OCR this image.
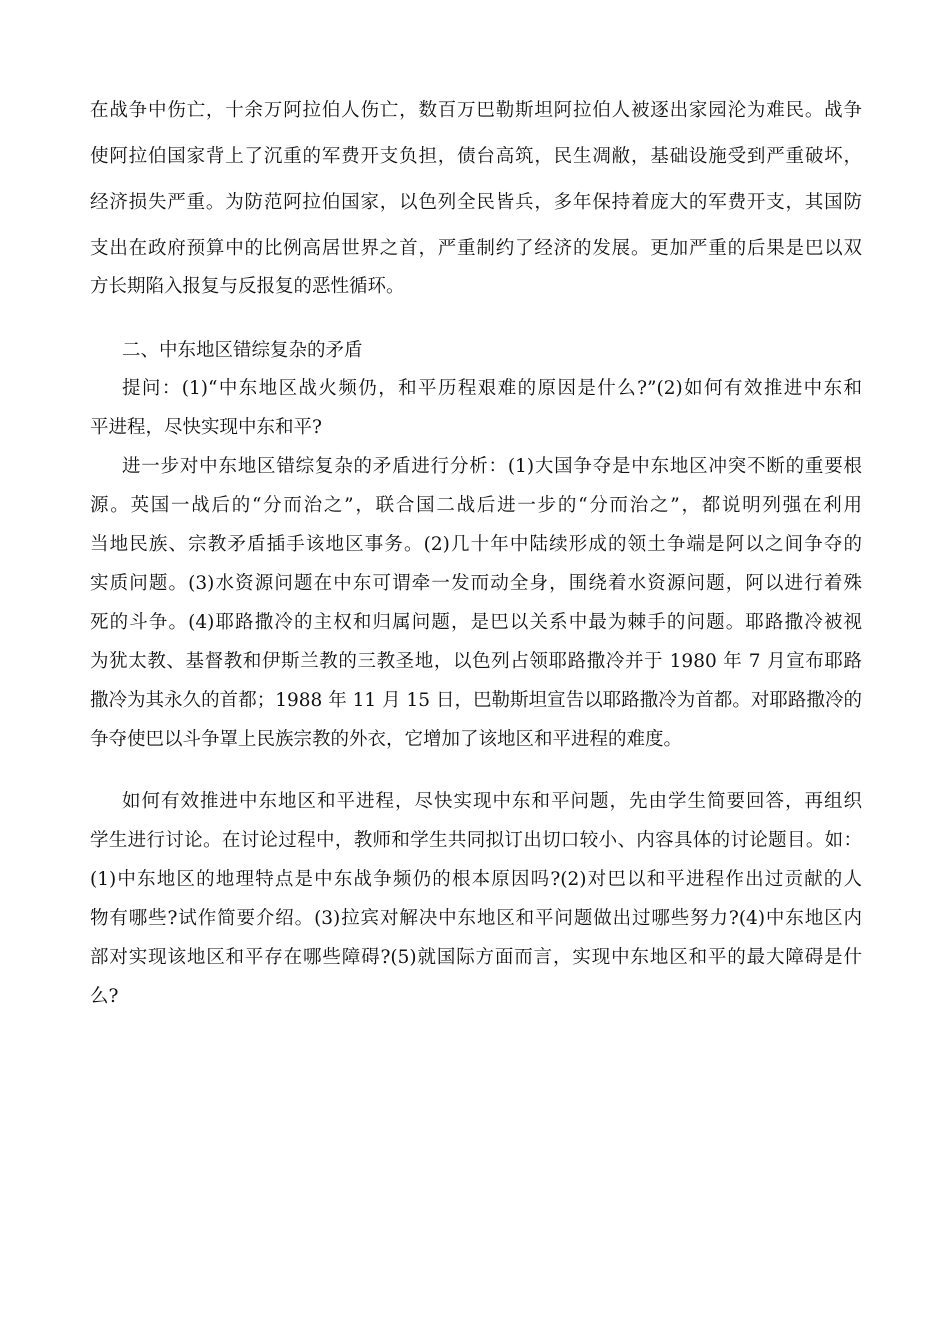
在战争中伤亡，十余万阿拉伯人伤亡，数百万巴勒斯坦阿拉伯人被逐出家园沦为难民。战争

使阿拉伯国家背上了沉重的军费开支负担，债台高筑，民生凋敝，基础设施受到严重破坏，

经济损失严重。为防范阿拉伯国家，以色列全民皆兵，多年保持着庞大的军费开支，其国防

支出在政府预算中的比例高居世界之首，严重制约了经济的发展。更加严重的后果是巴以双

方长期陷入报复与反报复的恶性循环。

二、中东地区错综复杂的矛盾

提问：(1)“中东地区战火频仍，和平历程艰难的原因是什么?”(2)如何有效推进中东和

平进程，尽快实现中东和平?

进一步对中东地区错综复杂的矛盾进行分析：(1)大国争夺是中东地区冲突不断的重要根

源。英国一战后的“分而治之”，联合国二战后进一步的“分而治之”，都说明列强在利用

当地民族、宗教矛盾插手该地区事务。(2)几十年中陆续形成的领土争端是阿以之间争夺的

实质问题。(3)水资源问题在中东可谓牵一发而动全身，围绕着水资源问题，阿以进行着殊

死的斗争。(4)耶路撒冷的主权和归属问题，是巴以关系中最为棘手的问题。耶路撒冷被视

为犹太教、基督教和伊斯兰教的三教圣地，以色列占领耶路撒冷并于 1980 年 7 月宣布耶路

撒冷为其永久的首都；1988 年 11 月 15 日，巴勒斯坦宣告以耶路撒冷为首都。对耶路撒冷的

争夺使巴以斗争罩上民族宗教的外衣，它增加了该地区和平进程的难度。

如何有效推进中东地区和平进程，尽快实现中东和平问题，先由学生简要回答，再组织

学生进行讨论。在讨论过程中，教师和学生共同拟订出切口较小、内容具体的讨论题目。如：

(1)中东地区的地理特点是中东战争频仍的根本原因吗?(2)对巴以和平进程作出过贡献的人

物有哪些?试作简要介绍。(3)拉宾对解决中东地区和平问题做出过哪些努力?(4)中东地区内

部对实现该地区和平存在哪些障碍?(5)就国际方面而言，实现中东地区和平的最大障碍是什

么?
